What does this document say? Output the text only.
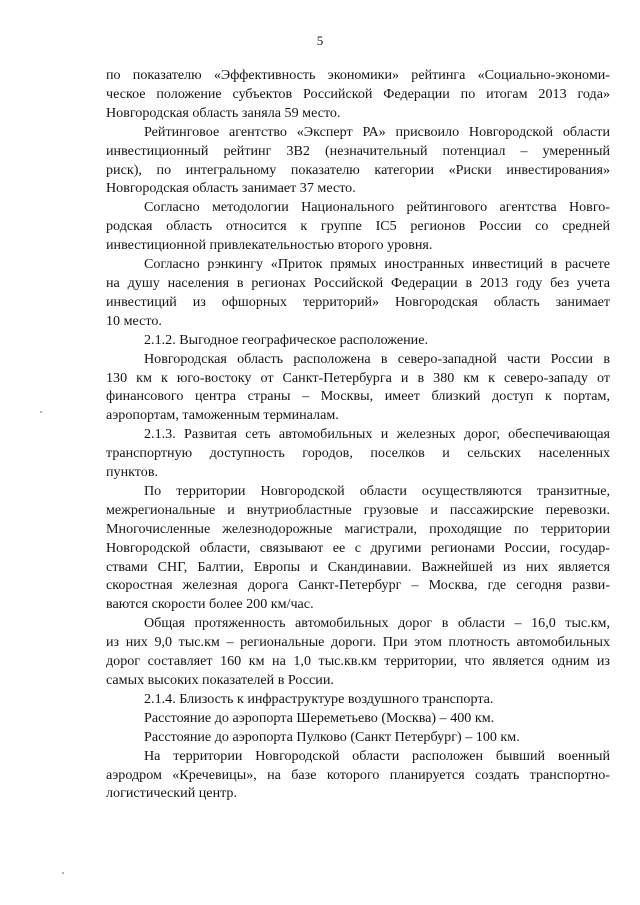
5
по показателю «Эффективность экономики» рейтинга «Социально-экономи-
ческое положение субъектов Российской Федерации по итогам 2013 года»
Новгородская область заняла 59 место.
Рейтинговое агентство «Эксперт РА» присвоило Новгородской области
инвестиционный рейтинг 3В2 (незначительный потенциал – умеренный
риск), по интегральному показателю категории «Риски инвестирования»
Новгородская область занимает 37 место.
Согласно методологии Национального рейтингового агентства Новго-
родская область относится к группе IC5 регионов России со средней
инвестиционной привлекательностью второго уровня.
Согласно рэнкингу «Приток прямых иностранных инвестиций в расчете
на душу населения в регионах Российской Федерации в 2013 году без учета
инвестиций из офшорных территорий» Новгородская область занимает
10 место.
2.1.2. Выгодное географическое расположение.
Новгородская область расположена в северо-западной части России в
130 км к юго-востоку от Санкт-Петербурга и в 380 км к северо-западу от
финансового центра страны – Москвы, имеет близкий доступ к портам,
аэропортам, таможенным терминалам.
2.1.3. Развитая сеть автомобильных и железных дорог, обеспечивающая
транспортную доступность городов, поселков и сельских населенных
пунктов.
По территории Новгородской области осуществляются транзитные,
межрегиональные и внутриобластные грузовые и пассажирские перевозки.
Многочисленные железнодорожные магистрали, проходящие по территории
Новгородской области, связывают ее с другими регионами России, государ-
ствами СНГ, Балтии, Европы и Скандинавии. Важнейшей из них является
скоростная железная дорога Санкт-Петербург – Москва, где сегодня разви-
ваются скорости более 200 км/час.
Общая протяженность автомобильных дорог в области – 16,0 тыс.км,
из них 9,0 тыс.км – региональные дороги. При этом плотность автомобильных
дорог составляет 160 км на 1,0 тыс.кв.км территории, что является одним из
самых высоких показателей в России.
2.1.4. Близость к инфраструктуре воздушного транспорта.
Расстояние до аэропорта Шереметьево (Москва) – 400 км.
Расстояние до аэропорта Пулково (Санкт Петербург) – 100 км.
На территории Новгородской области расположен бывший военный
аэродром «Кречевицы», на базе которого планируется создать транспортно-
логистический центр.
